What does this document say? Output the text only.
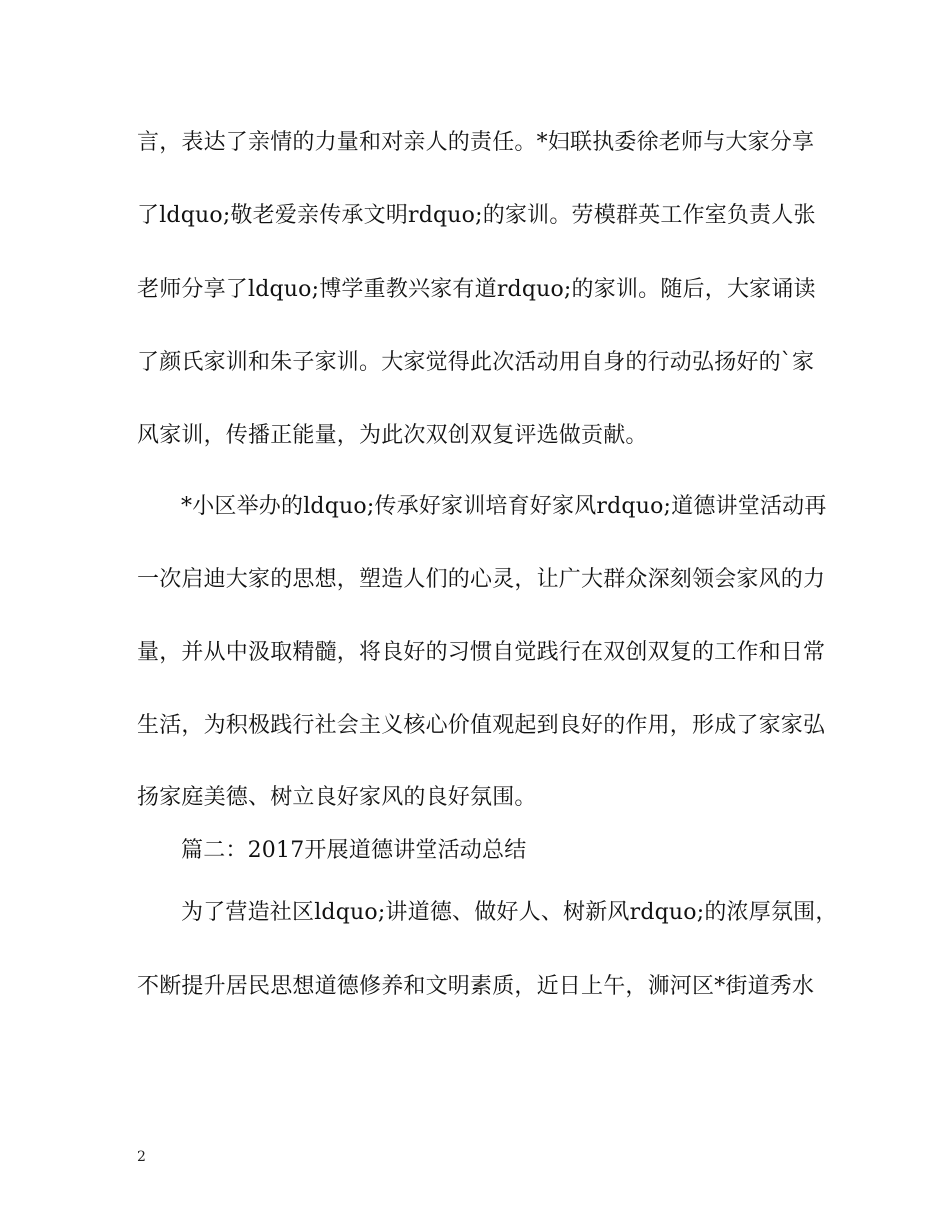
言，表达了亲情的力量和对亲人的责任。*妇联执委徐老师与大家分享
了ldquo;敬老爱亲传承文明rdquo;的家训。劳模群英工作室负责人张
老师分享了ldquo;博学重教兴家有道rdquo;的家训。随后，大家诵读
了颜氏家训和朱子家训。大家觉得此次活动用自身的行动弘扬好的`家
风家训，传播正能量，为此次双创双复评选做贡献。
*小区举办的ldquo;传承好家训培育好家风rdquo;道德讲堂活动再
一次启迪大家的思想，塑造人们的心灵，让广大群众深刻领会家风的力
量，并从中汲取精髓，将良好的习惯自觉践行在双创双复的工作和日常
生活，为积极践行社会主义核心价值观起到良好的作用，形成了家家弘
扬家庭美德、树立良好家风的良好氛围。
篇二：2017开展道德讲堂活动总结
为了营造社区ldquo;讲道德、做好人、树新风rdquo;的浓厚氛围，
不断提升居民思想道德修养和文明素质，近日上午，浉河区*街道秀水
2
